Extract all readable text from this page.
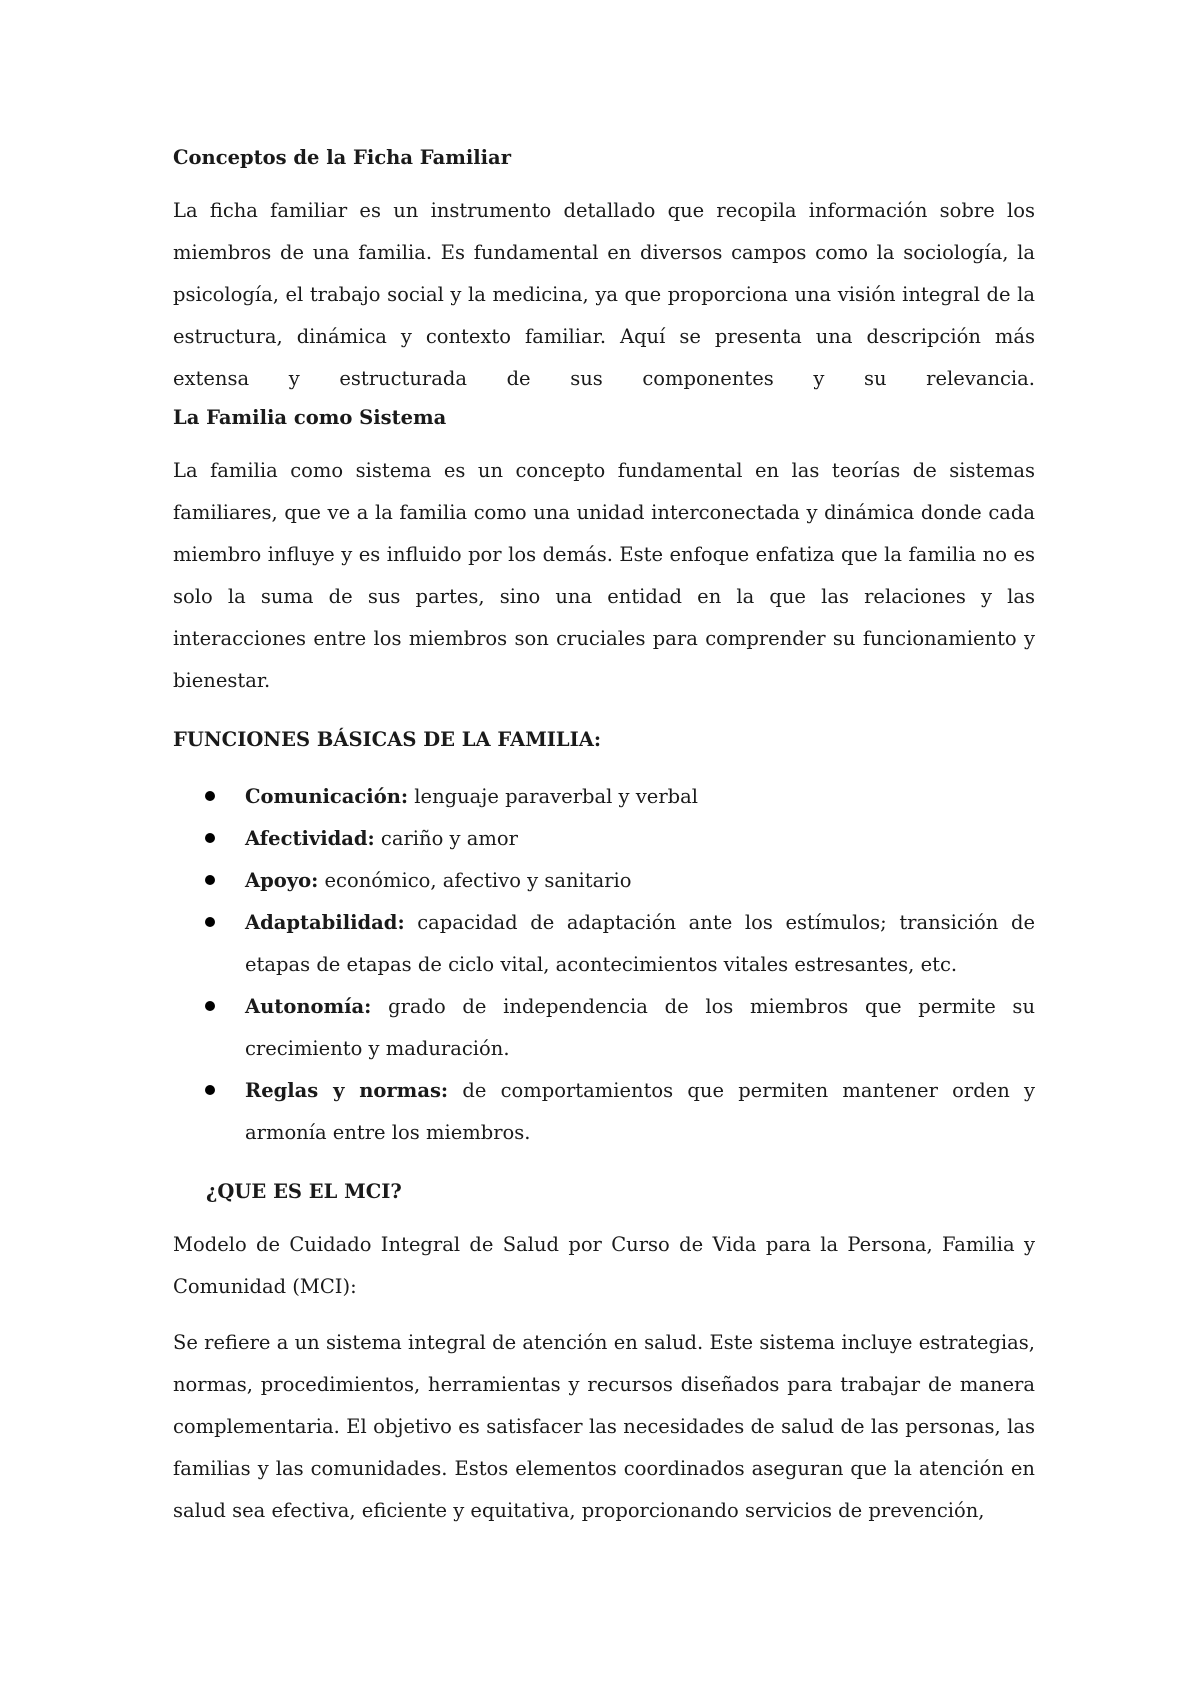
Conceptos de la Ficha Familiar

La ficha familiar es un instrumento detallado que recopila información sobre los miembros de una familia. Es fundamental en diversos campos como la sociología, la psicología, el trabajo social y la medicina, ya que proporciona una visión integral de la estructura, dinámica y contexto familiar. Aquí se presenta una descripción más extensa y estructurada de sus componentes y su relevancia.

La Familia como Sistema

La familia como sistema es un concepto fundamental en las teorías de sistemas familiares, que ve a la familia como una unidad interconectada y dinámica donde cada miembro influye y es influido por los demás. Este enfoque enfatiza que la familia no es solo la suma de sus partes, sino una entidad en la que las relaciones y las interacciones entre los miembros son cruciales para comprender su funcionamiento y bienestar.

FUNCIONES BÁSICAS DE LA FAMILIA:

Comunicación: lenguaje paraverbal y verbal
Afectividad: cariño y amor
Apoyo: económico, afectivo y sanitario
Adaptabilidad: capacidad de adaptación ante los estímulos; transición de etapas de etapas de ciclo vital, acontecimientos vitales estresantes, etc.
Autonomía: grado de independencia de los miembros que permite su crecimiento y maduración.
Reglas y normas: de comportamientos que permiten mantener orden y armonía entre los miembros.

¿QUE ES EL MCI?

Modelo de Cuidado Integral de Salud por Curso de Vida para la Persona, Familia y Comunidad (MCI):

Se refiere a un sistema integral de atención en salud. Este sistema incluye estrategias, normas, procedimientos, herramientas y recursos diseñados para trabajar de manera complementaria. El objetivo es satisfacer las necesidades de salud de las personas, las familias y las comunidades. Estos elementos coordinados aseguran que la atención en salud sea efectiva, eficiente y equitativa, proporcionando servicios de prevención,
